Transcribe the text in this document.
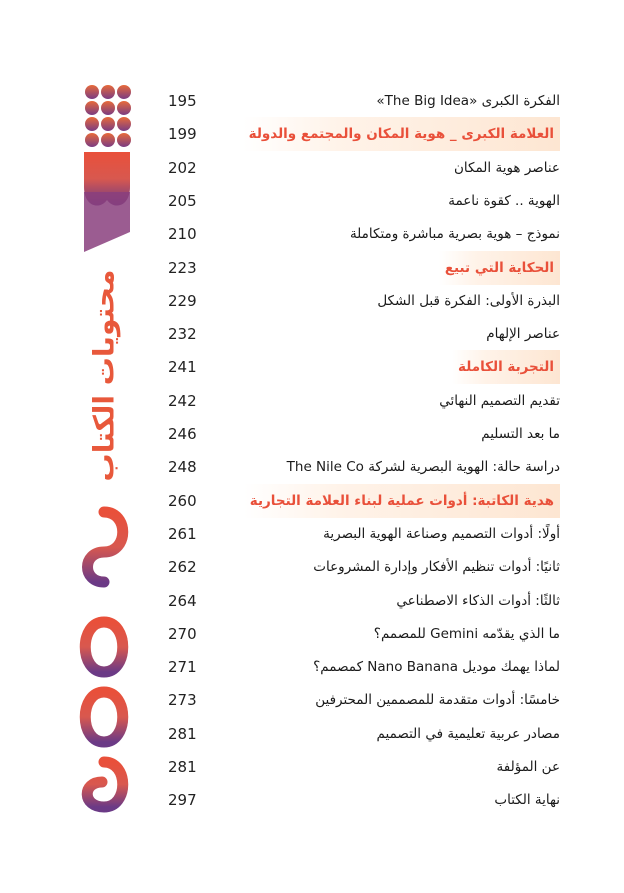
محتويات الكتاب
195	الفكرة الكبرى «The Big Idea»
199	العلامة الكبرى _ هوية المكان والمجتمع والدولة
202	عناصر هوية المكان
205	الهوية .. كقوة ناعمة
210	نموذج – هوية بصرية مباشرة ومتكاملة
223	الحكاية التي تبيع
229	البذرة الأولى: الفكرة قبل الشكل
232	عناصر الإلهام
241	التجربة الكاملة
242	تقديم التصميم النهائي
246	ما بعد التسليم
248	دراسة حالة: الهوية البصرية لشركة The Nile Co
260	هدية الكاتبة: أدوات عملية لبناء العلامة التجارية
261	أولًا: أدوات التصميم وصناعة الهوية البصرية
262	ثانيًا: أدوات تنظيم الأفكار وإدارة المشروعات
264	ثالثًا: أدوات الذكاء الاصطناعي
270	ما الذي يقدّمه Gemini للمصمم؟
271	لماذا يهمك موديل Nano Banana كمصمم؟
273	خامسًا: أدوات متقدمة للمصممين المحترفين
281	مصادر عربية تعليمية في التصميم
281	عن المؤلفة
297	نهاية الكتاب
